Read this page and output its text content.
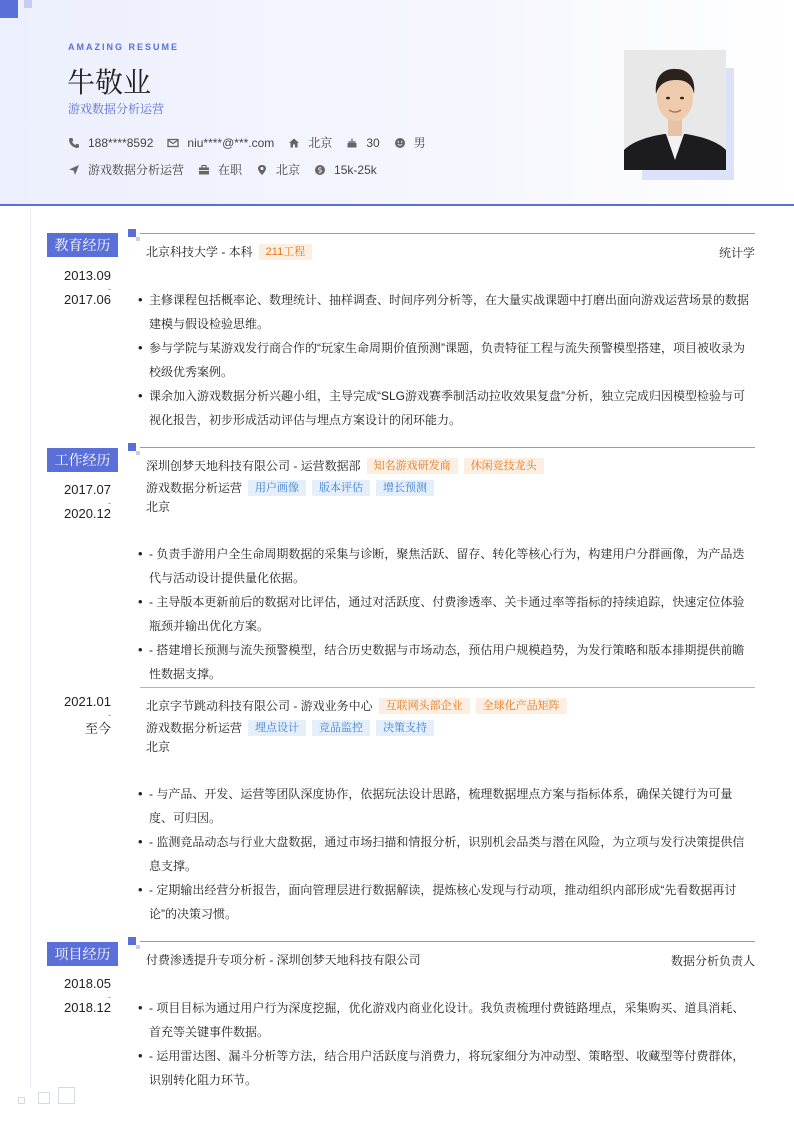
AMAZING RESUME
牛敬业
游戏数据分析运营
188****8592	niu****@***.com	北京	30	男
游戏数据分析运营	在职	北京 $ 15k-25k
教育经历
2013.09
-
2017.06
北京科技大学 - 本科	211工程	统计学
• 主修课程包括概率论、数理统计、抽样调查、时间序列分析等，在大量实战课题中打磨出面向游戏运营场景的数据建模与假设检验思维。
• 参与学院与某游戏发行商合作的“玩家生命周期价值预测”课题，负责特征工程与流失预警模型搭建，项目被收录为校级优秀案例。
• 课余加入游戏数据分析兴趣小组，主导完成“SLG游戏赛季制活动拉收效果复盘”分析，独立完成归因模型检验与可视化报告，初步形成活动评估与埋点方案设计的闭环能力。
工作经历
2017.07
-
2020.12
深圳创梦天地科技有限公司 - 运营数据部	知名游戏研发商	休闲竞技龙头
游戏数据分析运营	用户画像	版本评估	增长预测
北京
• - 负责手游用户全生命周期数据的采集与诊断，聚焦活跃、留存、转化等核心行为，构建用户分群画像，为产品迭代与活动设计提供量化依据。
• - 主导版本更新前后的数据对比评估，通过对活跃度、付费渗透率、关卡通过率等指标的持续追踪，快速定位体验瓶颈并输出优化方案。
• - 搭建增长预测与流失预警模型，结合历史数据与市场动态，预估用户规模趋势，为发行策略和版本排期提供前瞻性数据支撑。
2021.01
-
至今
北京字节跳动科技有限公司 - 游戏业务中心	互联网头部企业	全球化产品矩阵
游戏数据分析运营	埋点设计	竞品监控	决策支持
北京
• - 与产品、开发、运营等团队深度协作，依据玩法设计思路，梳理数据埋点方案与指标体系，确保关键行为可量度、可归因。
• - 监测竞品动态与行业大盘数据，通过市场扫描和情报分析，识别机会品类与潜在风险，为立项与发行决策提供信息支撑。
• - 定期输出经营分析报告，面向管理层进行数据解读，提炼核心发现与行动项，推动组织内部形成“先看数据再讨论”的决策习惯。
项目经历
2018.05
-
2018.12
付费渗透提升专项分析 - 深圳创梦天地科技有限公司	数据分析负责人
• - 项目目标为通过用户行为深度挖掘，优化游戏内商业化设计。我负责梳理付费链路埋点，采集购买、道具消耗、首充等关键事件数据。
• - 运用雷达图、漏斗分析等方法，结合用户活跃度与消费力，将玩家细分为冲动型、策略型、收藏型等付费群体，识别转化阻力环节。
